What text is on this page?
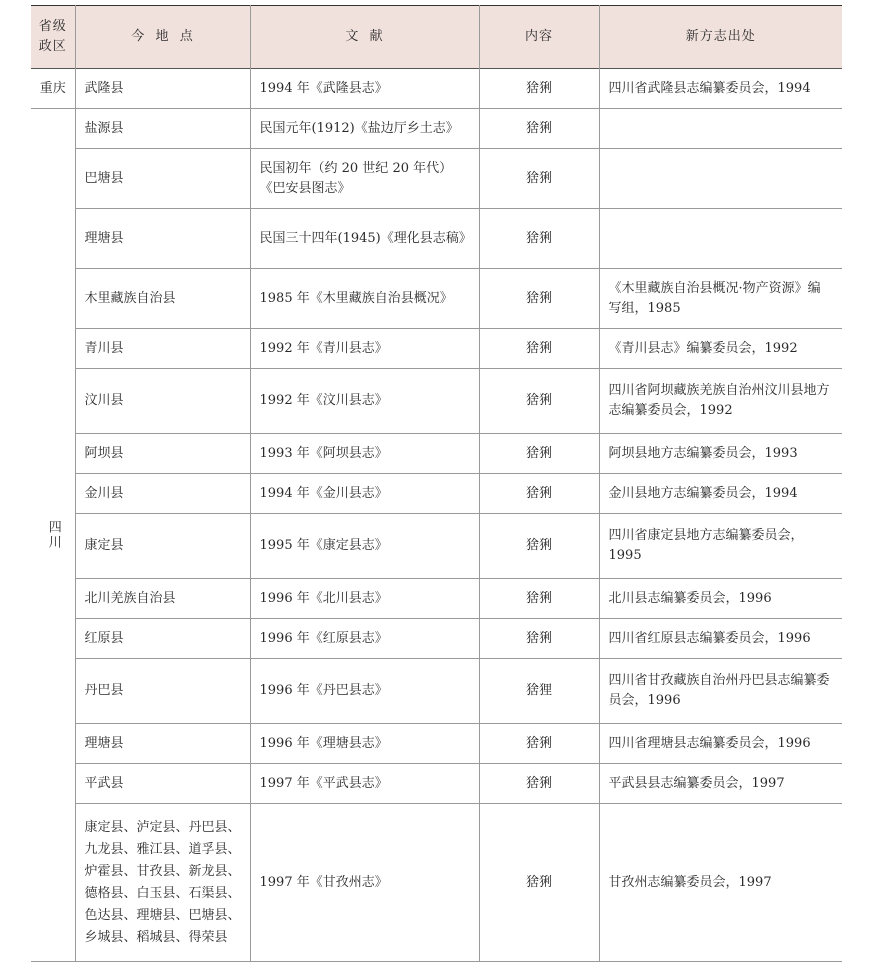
省级政区	今  地  点	文  献	内容	新方志出处
重庆	武隆县	1994 年《武隆县志》	猞猁	四川省武隆县志编纂委员会，1994
四川	盐源县	民国元年(1912)《盐边厅乡土志》	猞猁	
	巴塘县	民国初年（约 20 世纪 20 年代）《巴安县图志》	猞猁	
	理塘县	民国三十四年(1945)《理化县志稿》	猞猁	
	木里藏族自治县	1985 年《木里藏族自治县概况》	猞猁	《木里藏族自治县概况·物产资源》编写组，1985
	青川县	1992 年《青川县志》	猞猁	《青川县志》编纂委员会，1992
	汶川县	1992 年《汶川县志》	猞猁	四川省阿坝藏族羌族自治州汶川县地方志编纂委员会，1992
	阿坝县	1993 年《阿坝县志》	猞猁	阿坝县地方志编纂委员会，1993
	金川县	1994 年《金川县志》	猞猁	金川县地方志编纂委员会，1994
	康定县	1995 年《康定县志》	猞猁	四川省康定县地方志编纂委员会，1995
	北川羌族自治县	1996 年《北川县志》	猞猁	北川县志编纂委员会，1996
	红原县	1996 年《红原县志》	猞猁	四川省红原县志编纂委员会，1996
	丹巴县	1996 年《丹巴县志》	猞狸	四川省甘孜藏族自治州丹巴县志编纂委员会，1996
	理塘县	1996 年《理塘县志》	猞猁	四川省理塘县志编纂委员会，1996
	平武县	1997 年《平武县志》	猞猁	平武县县志编纂委员会，1997
	康定县、泸定县、丹巴县、九龙县、雅江县、道孚县、炉霍县、甘孜县、新龙县、德格县、白玉县、石渠县、色达县、理塘县、巴塘县、乡城县、稻城县、得荣县	1997 年《甘孜州志》	猞猁	甘孜州志编纂委员会，1997
